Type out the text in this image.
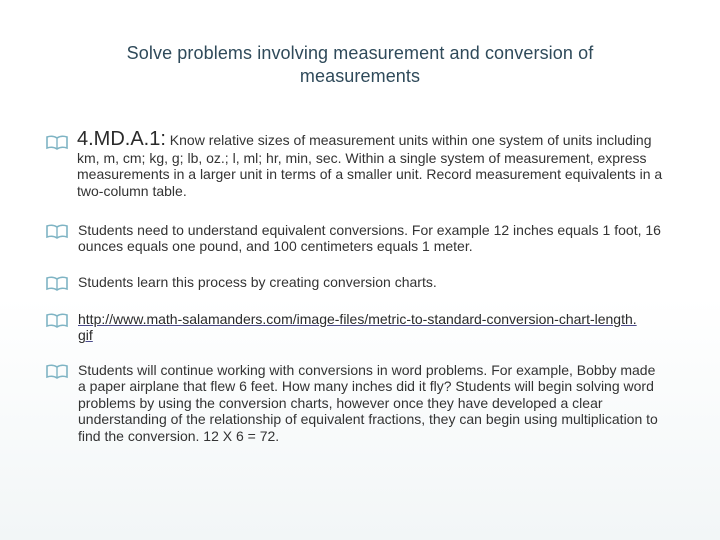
Solve problems involving measurement and conversion of
measurements
4.MD.A.1: Know relative sizes of measurement units within one system of units including km, m, cm; kg, g; lb, oz.; l, ml; hr, min, sec. Within a single system of measurement, express measurements in a larger unit in terms of a smaller unit. Record measurement equivalents in a two-column table.
Students need to understand equivalent conversions. For example 12 inches equals 1 foot, 16 ounces equals one pound, and 100 centimeters equals 1 meter.
Students learn this process by creating conversion charts.
http://www.math-salamanders.com/image-files/metric-to-standard-conversion-chart-length.gif
Students will continue working with conversions in word problems. For example, Bobby made a paper airplane that flew 6 feet. How many inches did it fly? Students will begin solving word problems by using the conversion charts, however once they have developed a clear understanding of the relationship of equivalent fractions, they can begin using multiplication to find the conversion. 12 X 6 = 72.
